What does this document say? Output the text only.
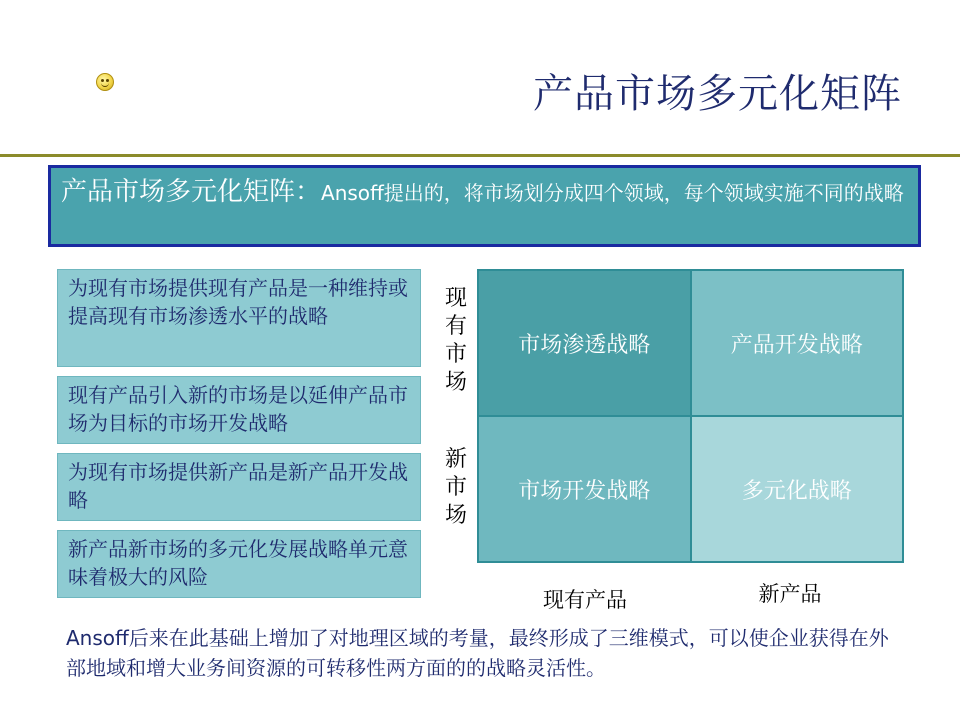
产品市场多元化矩阵
产品市场多元化矩阵：Ansoff提出的，将市场划分成四个领域，每个领域实施不同的战略
为现有市场提供现有产品是一种维持或提高现有市场渗透水平的战略
现有产品引入新的市场是以延伸产品市场为目标的市场开发战略
为现有市场提供新产品是新产品开发战略
新产品新市场的多元化发展战略单元意味着极大的风险
现有市场
新市场
市场渗透战略	产品开发战略
市场开发战略	多元化战略
现有产品	新产品
Ansoff后来在此基础上增加了对地理区域的考量，最终形成了三维模式，可以使企业获得在外部地域和增大业务间资源的可转移性两方面的的战略灵活性。
